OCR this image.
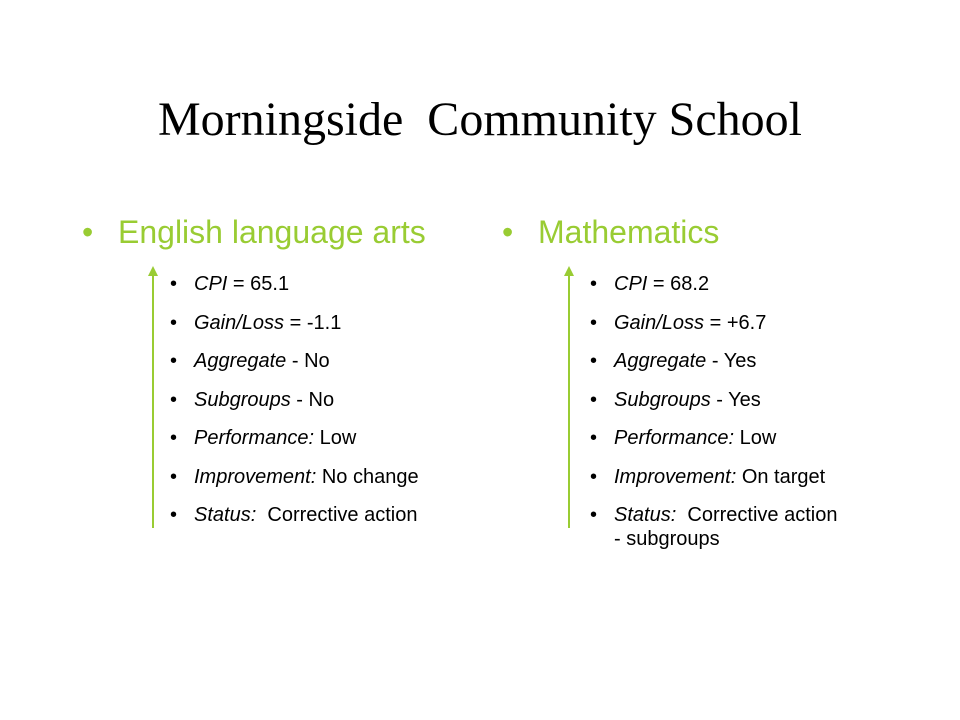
Morningside  Community School
• English language arts
• CPI = 65.1
• Gain/Loss = -1.1
• Aggregate - No
• Subgroups - No
• Performance: Low
• Improvement: No change
• Status:  Corrective action
• Mathematics
• CPI = 68.2
• Gain/Loss = +6.7
• Aggregate - Yes
• Subgroups - Yes
• Performance: Low
• Improvement: On target
• Status:  Corrective action
- subgroups
